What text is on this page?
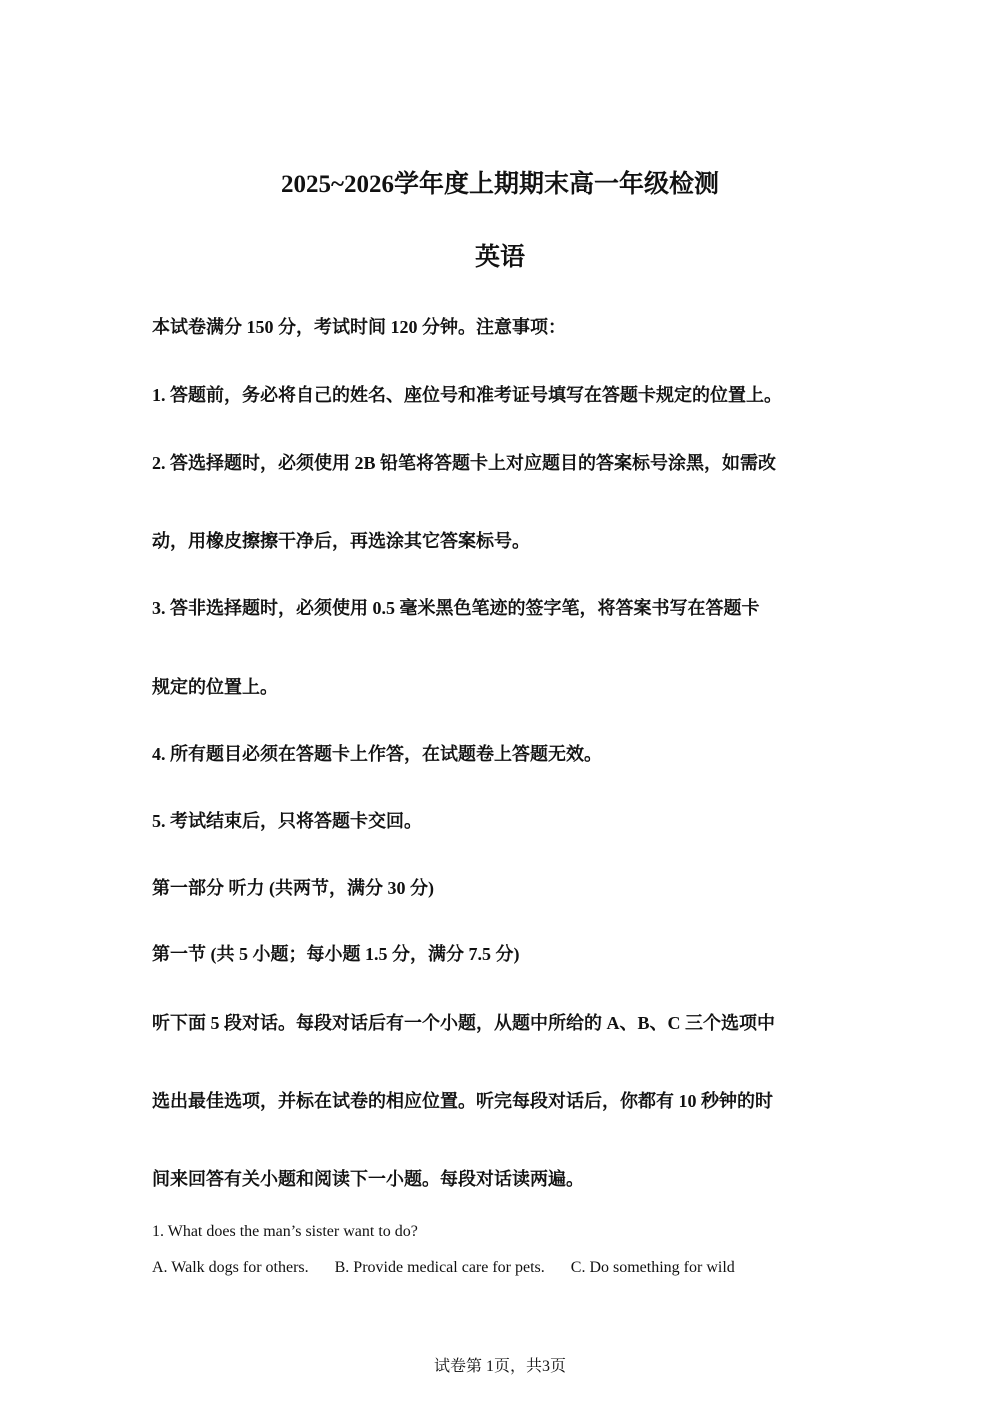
2025~2026学年度上期期末高一年级检测
英语
本试卷满分 150 分，考试时间 120 分钟。注意事项：
1. 答题前，务必将自己的姓名、座位号和准考证号填写在答题卡规定的位置上。
2. 答选择题时，必须使用 2B 铅笔将答题卡上对应题目的答案标号涂黑，如需改
动，用橡皮擦擦干净后，再选涂其它答案标号。
3. 答非选择题时，必须使用 0.5 毫米黑色笔迹的签字笔，将答案书写在答题卡
规定的位置上。
4. 所有题目必须在答题卡上作答，在试题卷上答题无效。
5. 考试结束后，只将答题卡交回。
第一部分 听力 (共两节，满分 30 分)
第一节 (共 5 小题；每小题 1.5 分，满分 7.5 分)
听下面 5 段对话。每段对话后有一个小题，从题中所给的 A、B、C 三个选项中
选出最佳选项，并标在试卷的相应位置。听完每段对话后，你都有 10 秒钟的时
间来回答有关小题和阅读下一小题。每段对话读两遍。
1. What does the man’s sister want to do?
A. Walk dogs for others. B. Provide medical care for pets. C. Do something for wild
试卷第 1页，共3页
